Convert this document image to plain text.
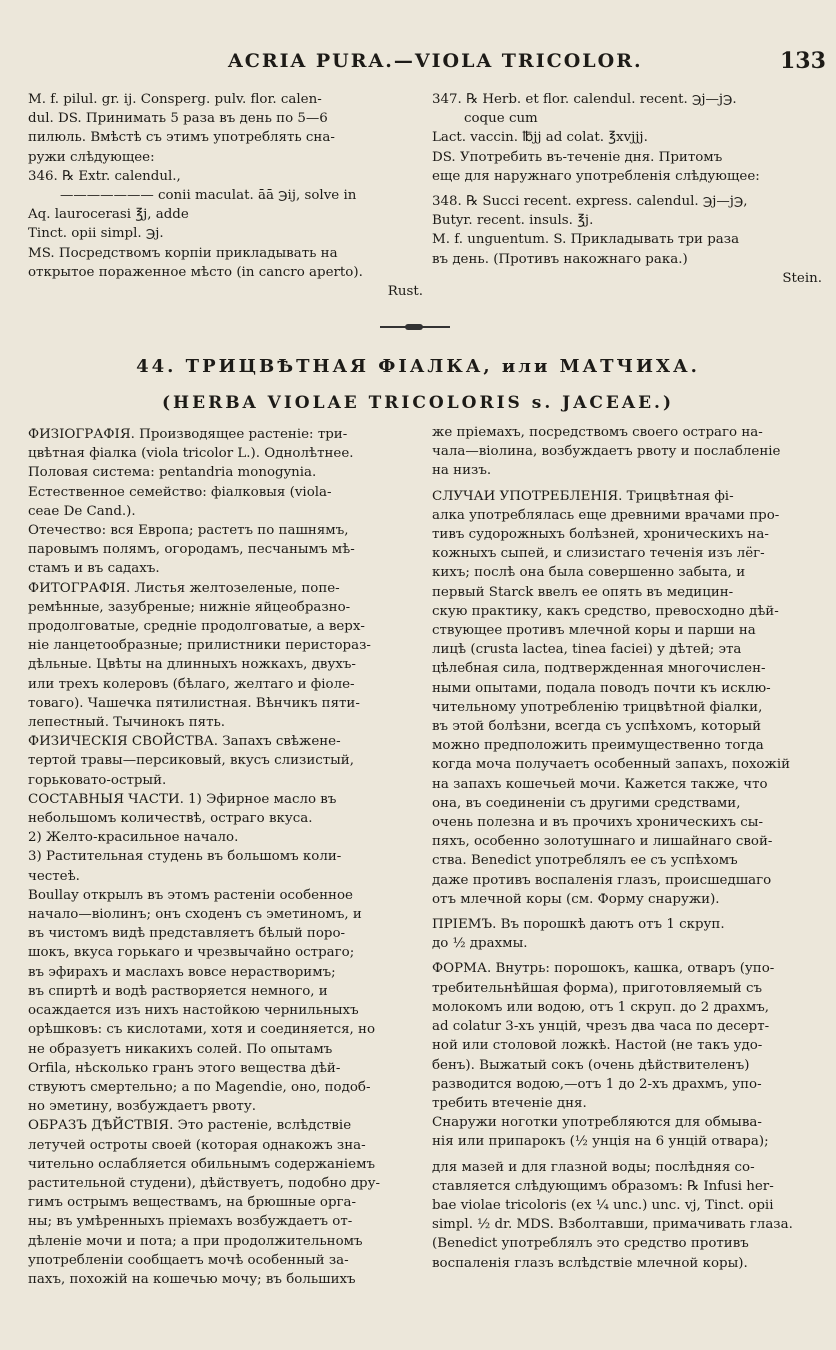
ACRIA PURA.—VIOLA TRICOLOR.	133

M. f. pilul. gr. ij. Consperg. pulv. flor. calen-

dul. DS. Принимать 5 раза въ день по 5—6

пилюль. Вмѣстѣ съ этимъ употреблять сна-

ружи слѣдующее:

346. ℞ Extr. calendul.,

——————— conii maculat. āā ℈ij, solve in

Aq. laurocerasi ℥j, adde

Tinct. opii simpl. ℈j.

MS. Посредствомъ корпіи прикладывать на

открытое пораженное мѣсто (in cancro aperto).

Rust.

347. ℞ Herb. et flor. calendul. recent. ℈j—j℈.

coque cum

Lact. vaccin. ℔jj ad colat. ℥xvjjj.

DS. Употребить въ-теченіе дня. Притомъ

еще для наружнаго употребленія слѣдующее:

348. ℞ Succi recent. express. calendul. ℈j—j℈,

Butyr. recent. insuls. ℥j.

M. f. unguentum. S. Прикладывать три раза

въ день. (Противъ накожнаго рака.)

Stein.

44. ТРИЦВѢТНАЯ ФІАЛКА, или МАТЧИХА.
(HERBA VIOLAE TRICOLORIS s. JACEAE.)

ФИЗІОГРАФІЯ. Производящее растеніе: три-

цвѣтная фіалка (viola tricolor L.). Однолѣтнее.

Половая система: pentandria monogynia.

Естественное семейство: фіалковыя (viola-

ceae De Cand.).

Отечество: вся Европа; растетъ по пашнямъ,

паровымъ полямъ, огородамъ, песчанымъ мѣ-

стамъ и въ садахъ.

ФИТОГРАФІЯ. Листья желтозеленые, попе-

ремѣнные, зазубреные; нижніе яйцеобразно-

продолговатые, средніе продолговатые, а верх-

ніе ланцетообразные; прилистники перистораз-

дѣльные. Цвѣты на длинныхъ ножкахъ, двухъ-

или трехъ колеровъ (бѣлаго, желтаго и фіоле-

товаго). Чашечка пятилистная. Вѣнчикъ пяти-

лепестный. Тычинокъ пять.

ФИЗИЧЕСКІЯ СВОЙСТВА. Запахъ свѣжене-

тертой травы—персиковый, вкусъ слизистый,

горьковато-острый.

СОСТАВНЫЯ ЧАСТИ. 1) Эфирное масло въ

небольшомъ количествѣ, остраго вкуса.

2) Желто-красильное начало.

3) Растительная студень въ большомъ коли-

честеѣ.

Boullay открылъ въ этомъ растеніи особенное

начало—віолинъ; онъ сходенъ съ эметиномъ, и

въ чистомъ видѣ представляетъ бѣлый поро-

шокъ, вкуса горькаго и чрезвычайно остраго;

въ эфирахъ и маслахъ вовсе нерастворимъ;

въ спиртѣ и водѣ растворяется немного, и

осаждается изъ нихъ настойкою чернильныхъ

орѣшковъ: съ кислотами, хотя и соединяется, но

не образуетъ никакихъ солей. По опытамъ

Orfila, нѣсколько гранъ этого вещества дѣй-

ствуютъ смертельно; а по Magendie, оно, подоб-

но эметину, возбуждаетъ рвоту.

ОБРАЗЪ ДѢЙСТВІЯ. Это растеніе, вслѣдствіе

летучей остроты своей (которая однакожъ зна-

чительно ослабляется обильнымъ содержаніемъ

растительной студени), дѣйствуетъ, подобно дру-

гимъ острымъ веществамъ, на брюшные орга-

ны; въ умѣренныхъ пріемахъ возбуждаетъ от-

дѣленіе мочи и пота; а при продолжительномъ

употребленіи сообщаетъ мочѣ особенный за-

пахъ, похожій на кошечью мочу; въ большихъ

же пріемахъ, посредствомъ своего остраго на-

чала—віолина, возбуждаетъ рвоту и послабленіе

на низъ.

СЛУЧАИ УПОТРЕБЛЕНІЯ. Трицвѣтная фі-

алка употреблялась еще древними врачами про-

тивъ судорожныхъ болѣзней, хроническихъ на-

кожныхъ сыпей, и слизистаго теченія изъ лёг-

кихъ; послѣ она была совершенно забыта, и

первый Starck ввелъ ее опять въ медицин-

скую практику, какъ средство, превосходно дѣй-

ствующее противъ млечной коры и парши на

лицѣ (crusta lactea, tinea faciei) у дѣтей; эта

цѣлебная сила, подтвержденная многочислен-

ными опытами, подала поводъ почти къ исклю-

чительному употребленію трицвѣтной фіалки,

въ этой болѣзни, всегда съ успѣхомъ, который

можно предположить преимущественно тогда

когда моча получаетъ особенный запахъ, похожій

на запахъ кошечьей мочи. Кажется также, что

она, въ соединеніи съ другими средствами,

очень полезна и въ прочихъ хроническихъ сы-

пяхъ, особенно золотушнаго и лишайнаго свой-

ства. Benedict употреблялъ ее съ успѣхомъ

даже противъ воспаленія глазъ, происшедшаго

отъ млечной коры (см. Форму снаружи).

ПРІЕМЪ. Въ порошкѣ даютъ отъ 1 скруп.

до ½ драхмы.

ФОРМА. Внутрь: порошокъ, кашка, отваръ (упо-

требительнѣйшая форма), приготовляемый съ

молокомъ или водою, отъ 1 скруп. до 2 драхмъ,

ad colatur 3-хъ унцій, чрезъ два часа по десерт-

ной или столовой ложкѣ. Настой (не такъ удо-

бенъ). Выжатый сокъ (очень дѣйствителенъ)

разводится водою,—отъ 1 до 2-хъ драхмъ, упо-

требить втеченіе дня.

Снаружи ноготки употребляются для обмыва-

нія или припарокъ (½ унція на 6 унцій отвара);

для мазей и для глазной воды; послѣдняя со-

ставляется слѣдующимъ образомъ: ℞ Infusi her-

bae violae tricoloris (ex ¼ unc.) unc. vj, Tinct. opii

simpl. ½ dr. MDS. Взболтавши, примачивать глаза.

(Benedict употреблялъ это средство противъ

воспаленія глазъ вслѣдствіе млечной коры).
